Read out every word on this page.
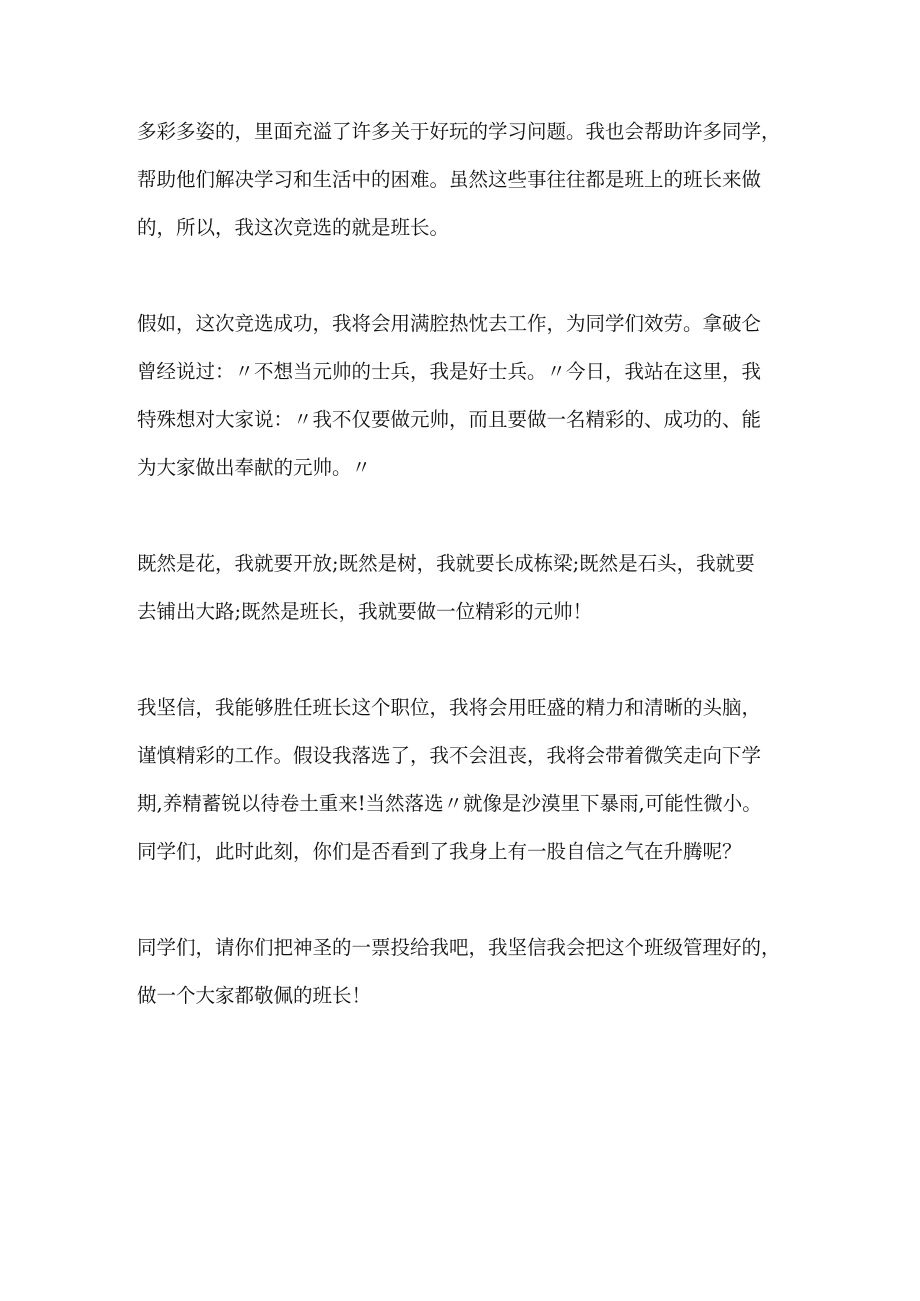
多彩多姿的，里面充溢了许多关于好玩的学习问题。我也会帮助许多同学，
帮助他们解决学习和生活中的困难。虽然这些事往往都是班上的班长来做
的，所以，我这次竞选的就是班长。
假如，这次竞选成功，我将会用满腔热忱去工作，为同学们效劳。拿破仑
曾经说过：〃不想当元帅的士兵，我是好士兵。〃今日，我站在这里，我
特殊想对大家说：〃我不仅要做元帅，而且要做一名精彩的、成功的、能
为大家做出奉献的元帅。〃
既然是花，我就要开放;既然是树，我就要长成栋梁;既然是石头，我就要
去铺出大路;既然是班长，我就要做一位精彩的元帅！
我坚信，我能够胜任班长这个职位，我将会用旺盛的精力和清晰的头脑，
谨慎精彩的工作。假设我落选了，我不会沮丧，我将会带着微笑走向下学
期,养精蓄锐以待卷土重来!当然落选〃就像是沙漠里下暴雨,可能性微小。
同学们，此时此刻，你们是否看到了我身上有一股自信之气在升腾呢？
同学们，请你们把神圣的一票投给我吧，我坚信我会把这个班级管理好的，
做一个大家都敬佩的班长！
